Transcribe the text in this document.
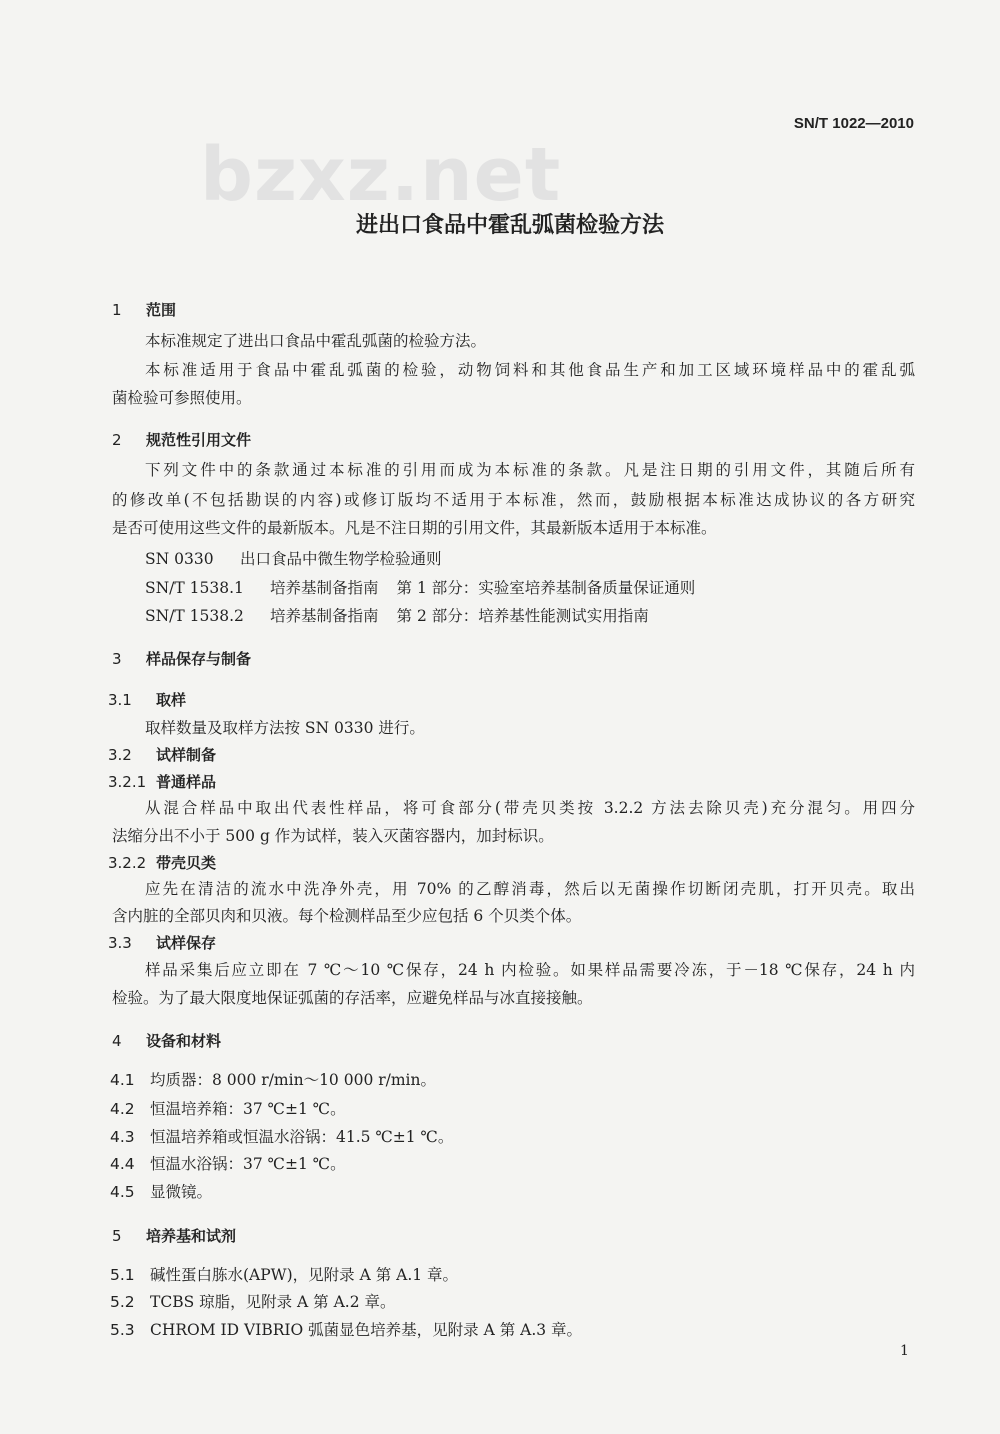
SN/T 1022—2010
bzxz.net
进出口食品中霍乱弧菌检验方法
1 范围
本标准规定了进出口食品中霍乱弧菌的检验方法。
本标准适用于食品中霍乱弧菌的检验，动物饲料和其他食品生产和加工区域环境样品中的霍乱弧
菌检验可参照使用。
2 规范性引用文件
下列文件中的条款通过本标准的引用而成为本标准的条款。凡是注日期的引用文件，其随后所有
的修改单(不包括勘误的内容)或修订版均不适用于本标准，然而，鼓励根据本标准达成协议的各方研究
是否可使用这些文件的最新版本。凡是不注日期的引用文件，其最新版本适用于本标准。
SN 0330 出口食品中微生物学检验通则
SN/T 1538.1 培养基制备指南 第 1 部分：实验室培养基制备质量保证通则
SN/T 1538.2 培养基制备指南 第 2 部分：培养基性能测试实用指南
3 样品保存与制备
3.1 取样
取样数量及取样方法按 SN 0330 进行。
3.2 试样制备
3.2.1 普通样品
从混合样品中取出代表性样品，将可食部分(带壳贝类按 3.2.2 方法去除贝壳)充分混匀。用四分
法缩分出不小于 500 g 作为试样，装入灭菌容器内，加封标识。
3.2.2 带壳贝类
应先在清洁的流水中洗净外壳，用 70% 的乙醇消毒，然后以无菌操作切断闭壳肌，打开贝壳。取出
含内脏的全部贝肉和贝液。每个检测样品至少应包括 6 个贝类个体。
3.3 试样保存
样品采集后应立即在 7 ℃～10 ℃保存，24 h 内检验。如果样品需要冷冻，于－18 ℃保存，24 h 内
检验。为了最大限度地保证弧菌的存活率，应避免样品与冰直接接触。
4 设备和材料
4.1 均质器：8 000 r/min～10 000 r/min。
4.2 恒温培养箱：37 ℃±1 ℃。
4.3 恒温培养箱或恒温水浴锅：41.5 ℃±1 ℃。
4.4 恒温水浴锅：37 ℃±1 ℃。
4.5 显微镜。
5 培养基和试剂
5.1 碱性蛋白胨水(APW)，见附录 A 第 A.1 章。
5.2 TCBS 琼脂，见附录 A 第 A.2 章。
5.3 CHROM ID VIBRIO 弧菌显色培养基，见附录 A 第 A.3 章。
1
